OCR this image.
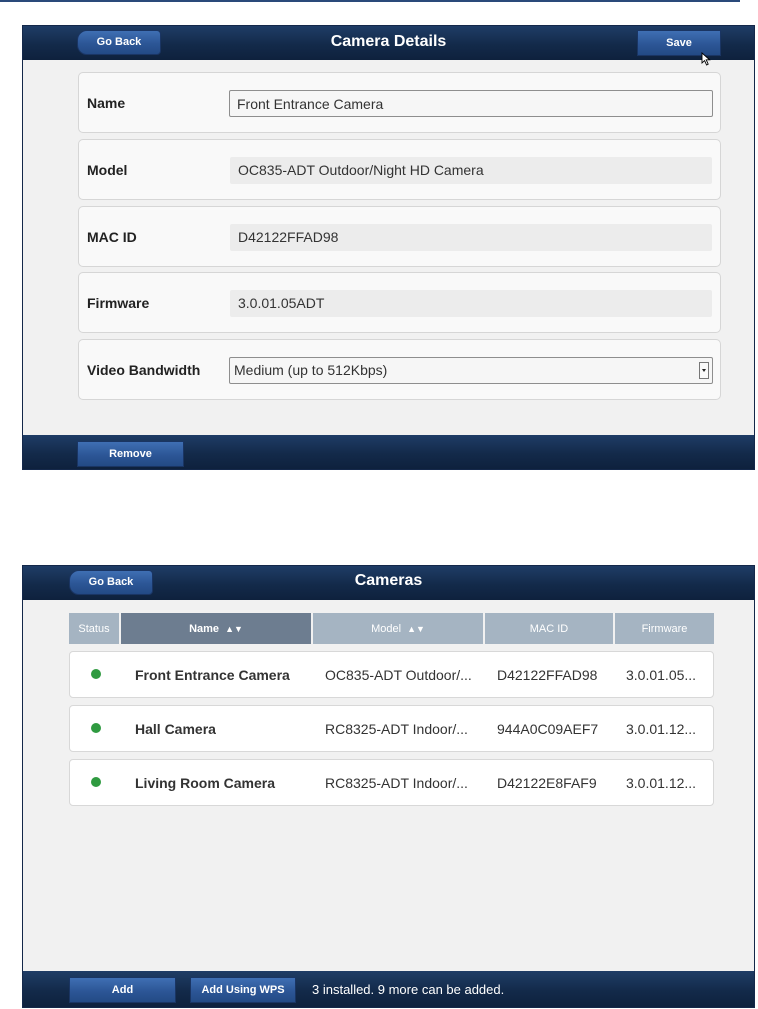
Go Back	Camera Details	Save
Name
Front Entrance Camera
Model	OC835-ADT Outdoor/Night HD Camera
MAC ID	D42122FFAD98
Firmware	3.0.01.05ADT
Video Bandwidth	Medium (up to 512Kbps)
Remove
Go Back	Cameras
Status	Name ▲▼	Model ▲▼	MAC ID	Firmware
Front Entrance Camera	OC835-ADT Outdoor/... D42122FFAD98 3.0.01.05...
Hall Camera	RC8325-ADT Indoor/... 944A0C09AEF7 3.0.01.12...
Living Room Camera	RC8325-ADT Indoor/... D42122E8FAF9 3.0.01.12...
Add	Add Using WPS	3 installed. 9 more can be added.
